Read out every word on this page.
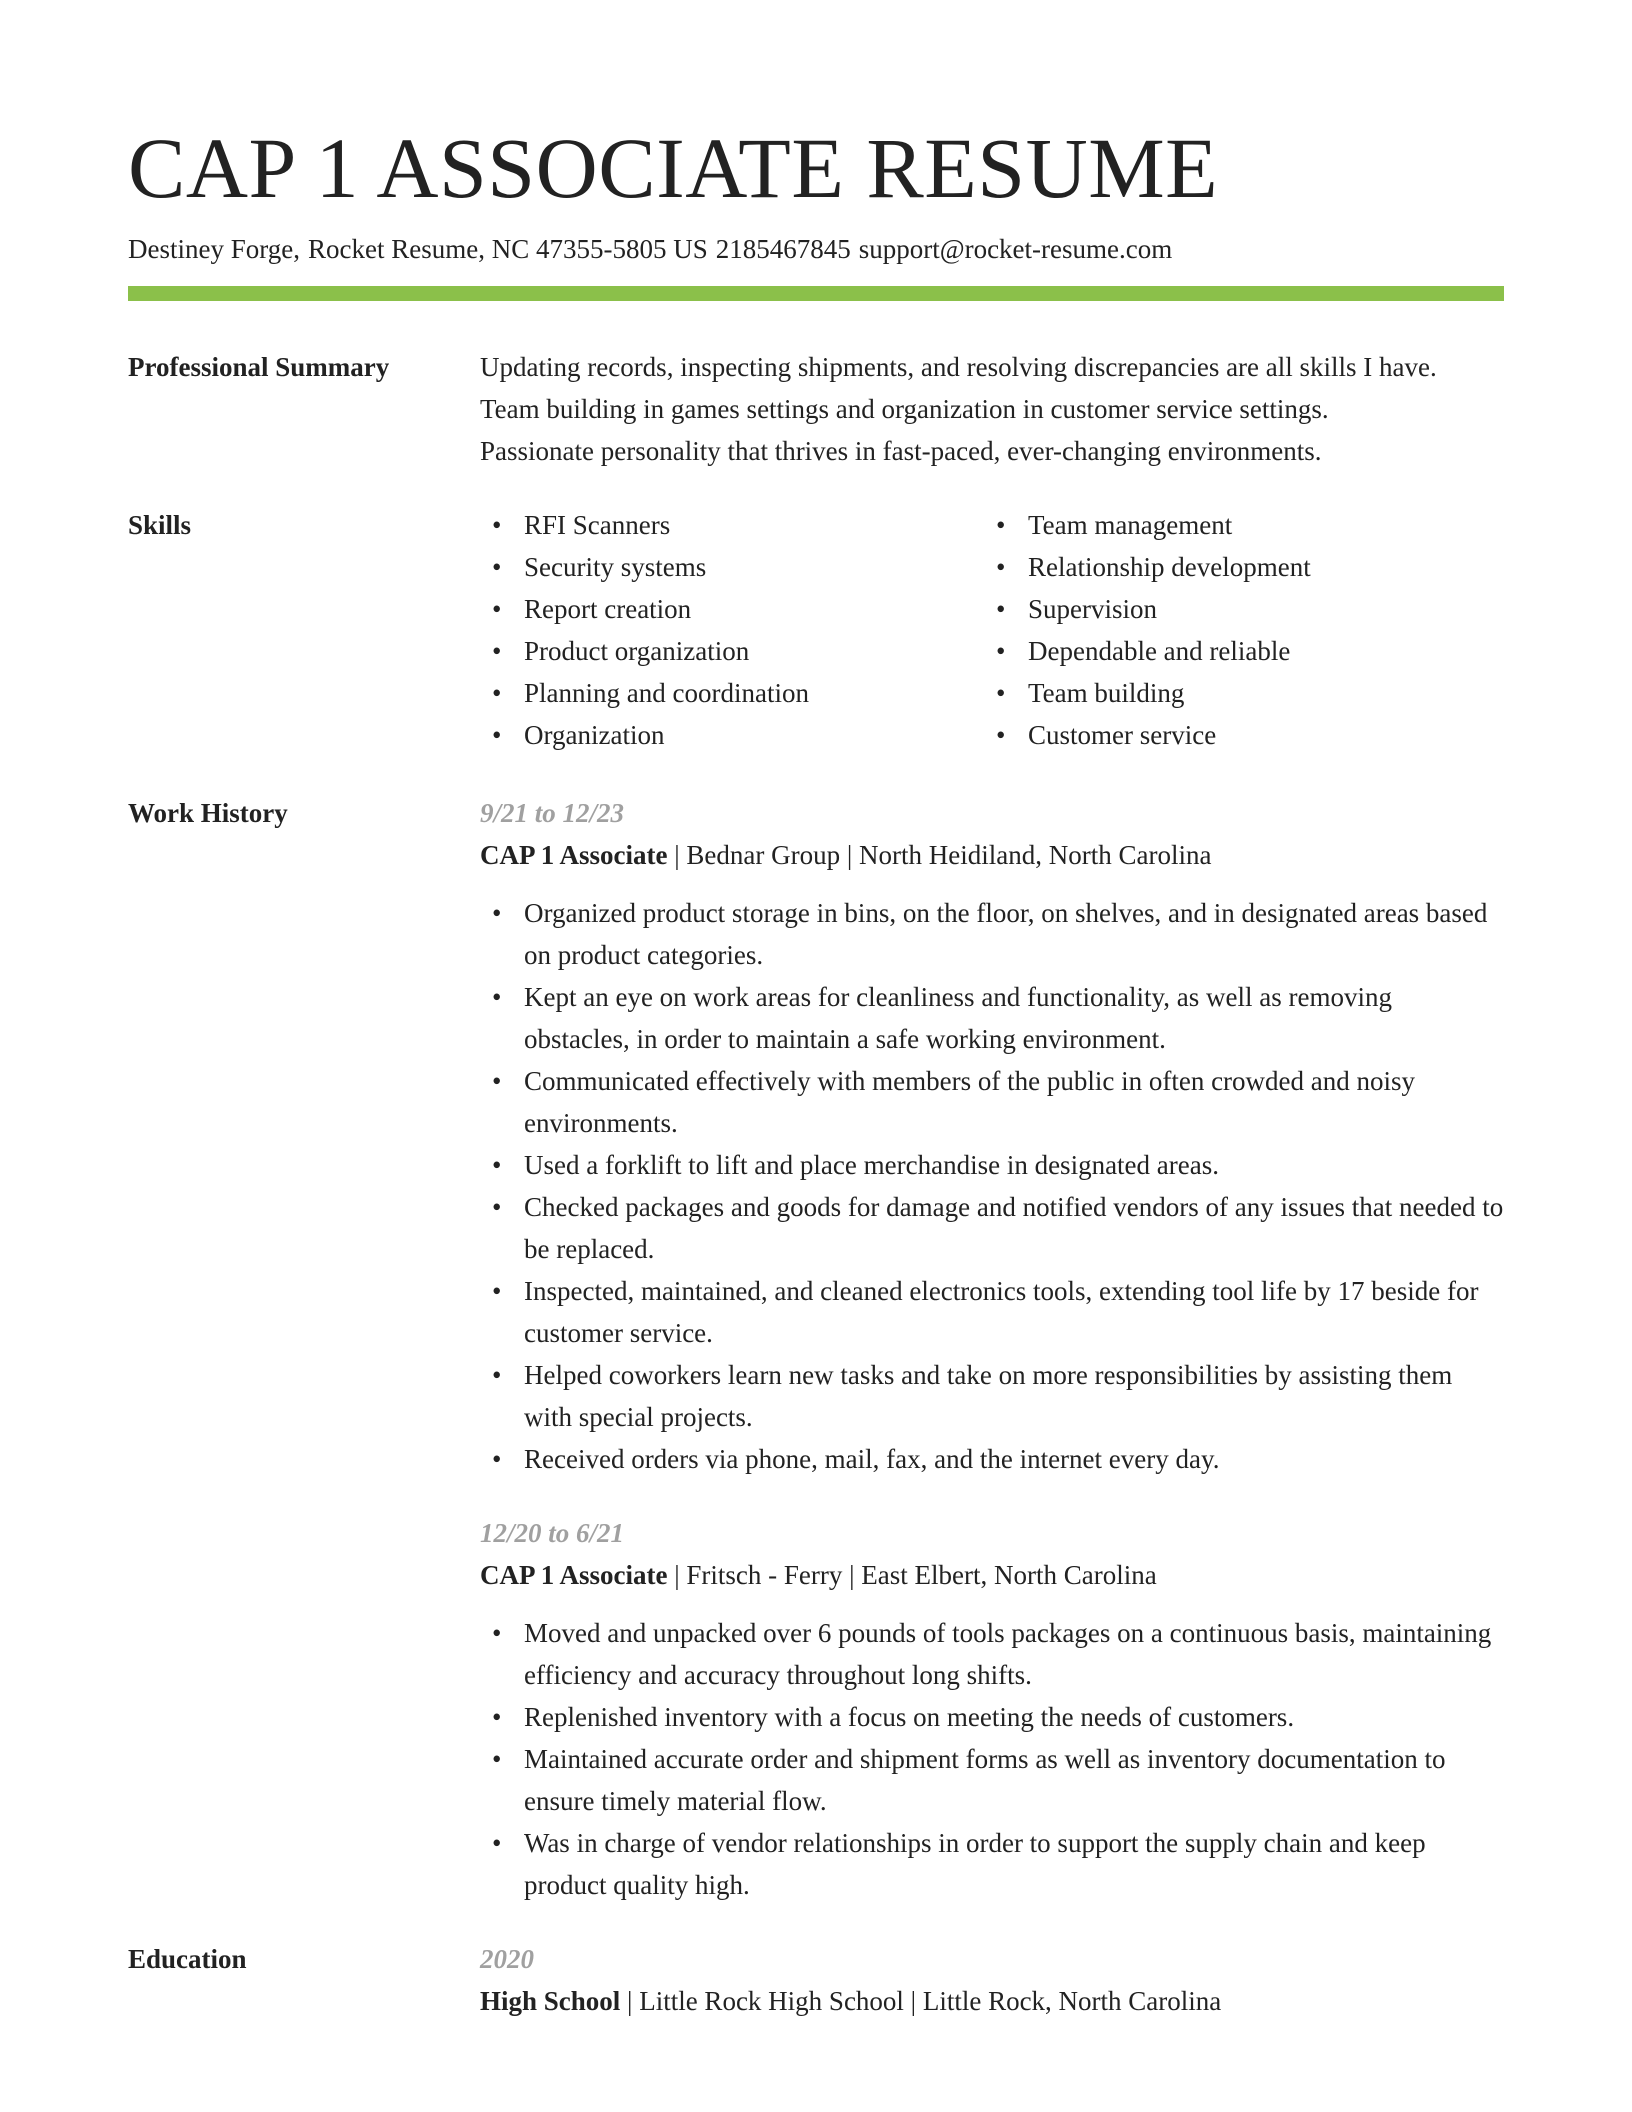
CAP 1 ASSOCIATE RESUME
Destiney Forge, Rocket Resume, NC 47355-5805 US 2185467845 support@rocket-resume.com
Professional Summary	Updating records, inspecting shipments, and resolving discrepancies are all skills I have.
Team building in games settings and organization in customer service settings.
Passionate personality that thrives in fast-paced, ever-changing environments.
Skills
•	RFI Scanners
• Security systems
• Report creation
• Product organization
• Planning and coordination
• Organization
• Team management
• Relationship development
• Supervision
• Dependable and reliable
• Team building
• Customer service
Work History	9/21 to 12/23
CAP 1 Associate | Bednar Group | North Heidiland, North Carolina
• Organized product storage in bins, on the floor, on shelves, and in designated areas based on product categories.
• Kept an eye on work areas for cleanliness and functionality, as well as removing obstacles, in order to maintain a safe working environment.
• Communicated effectively with members of the public in often crowded and noisy environments.
• Used a forklift to lift and place merchandise in designated areas.
• Checked packages and goods for damage and notified vendors of any issues that needed to be replaced.
• Inspected, maintained, and cleaned electronics tools, extending tool life by 17 beside for customer service.
• Helped coworkers learn new tasks and take on more responsibilities by assisting them with special projects.
• Received orders via phone, mail, fax, and the internet every day.
12/20 to 6/21
CAP 1 Associate | Fritsch - Ferry | East Elbert, North Carolina
• Moved and unpacked over 6 pounds of tools packages on a continuous basis, maintaining efficiency and accuracy throughout long shifts.
• Replenished inventory with a focus on meeting the needs of customers.
• Maintained accurate order and shipment forms as well as inventory documentation to ensure timely material flow.
• Was in charge of vendor relationships in order to support the supply chain and keep product quality high.
Education	2020
High School | Little Rock High School | Little Rock, North Carolina
